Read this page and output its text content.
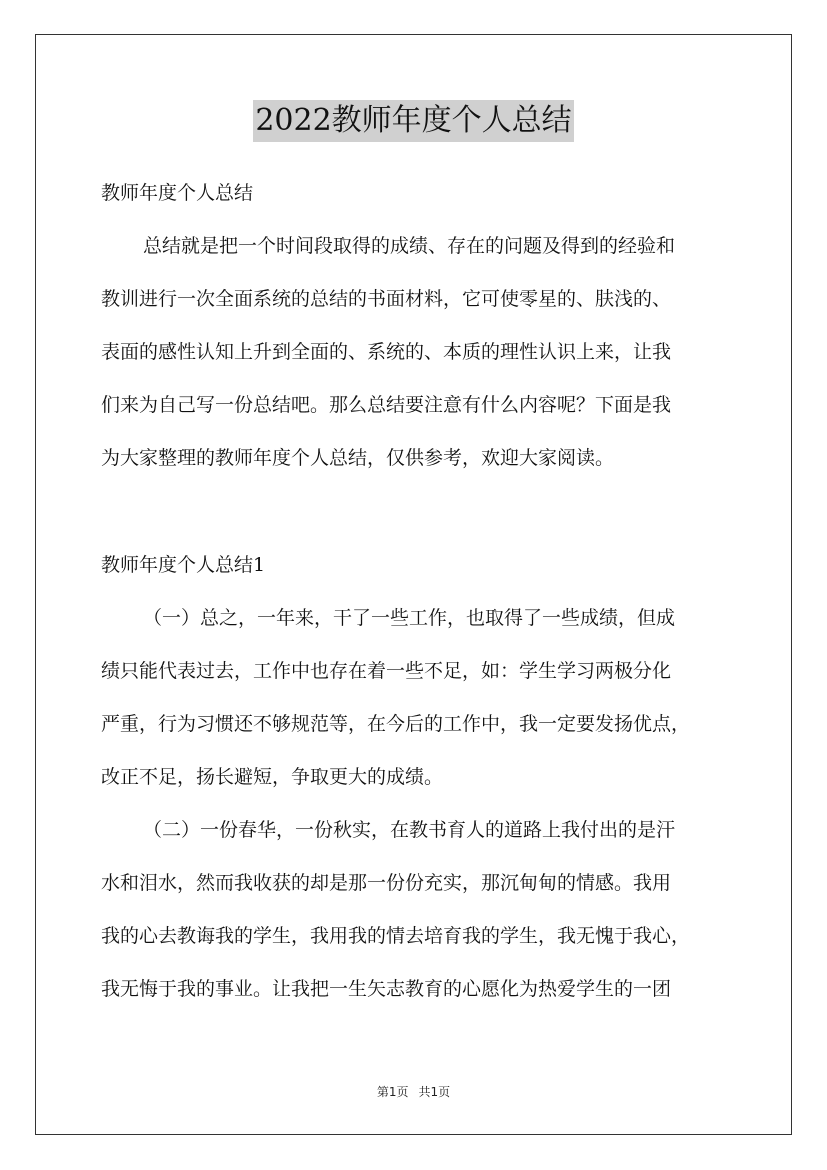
2022教师年度个人总结
教师年度个人总结
总结就是把一个时间段取得的成绩、存在的问题及得到的经验和
教训进行一次全面系统的总结的书面材料，它可使零星的、肤浅的、
表面的感性认知上升到全面的、系统的、本质的理性认识上来，让我
们来为自己写一份总结吧。那么总结要注意有什么内容呢？下面是我
为大家整理的教师年度个人总结，仅供参考，欢迎大家阅读。
教师年度个人总结1
（一）总之，一年来，干了一些工作，也取得了一些成绩，但成
绩只能代表过去，工作中也存在着一些不足，如：学生学习两极分化
严重，行为习惯还不够规范等，在今后的工作中，我一定要发扬优点，
改正不足，扬长避短，争取更大的成绩。
（二）一份春华，一份秋实，在教书育人的道路上我付出的是汗
水和泪水，然而我收获的却是那一份份充实，那沉甸甸的情感。我用
我的心去教诲我的学生，我用我的情去培育我的学生，我无愧于我心，
我无悔于我的事业。让我把一生矢志教育的心愿化为热爱学生的一团
第1页 共1页
